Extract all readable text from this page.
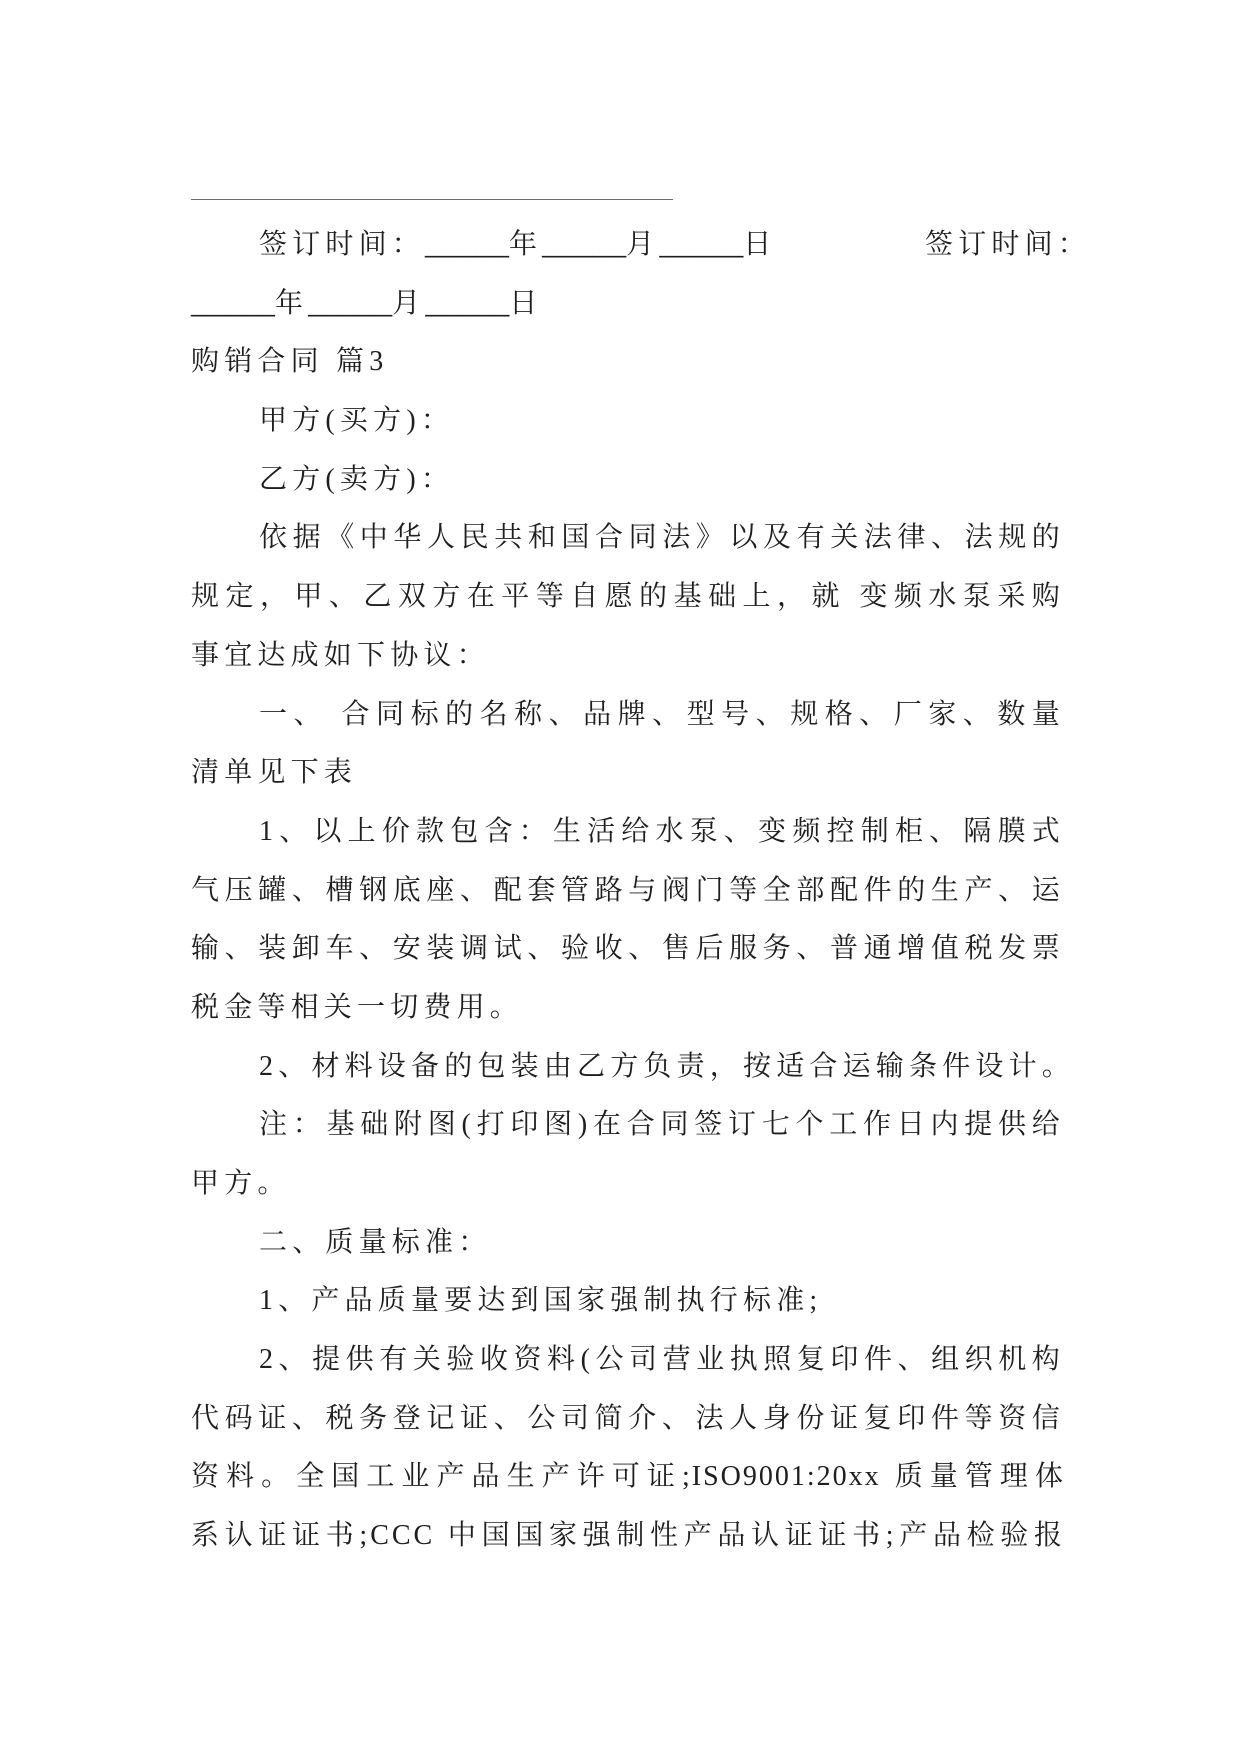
签订时间：_____年_____月_____日	签订时间：
_____年_____月_____日
购销合同 篇3
甲方(买方)：
乙方(卖方)：
依据《中华人民共和国合同法》以及有关法律、法规的
规定，甲、乙双方在平等自愿的基础上，就 变频水泵采购
事宜达成如下协议：
一、 合同标的名称、品牌、型号、规格、厂家、数量
清单见下表
1、以上价款包含：生活给水泵、变频控制柜、隔膜式
气压罐、槽钢底座、配套管路与阀门等全部配件的生产、运
输、装卸车、安装调试、验收、售后服务、普通增值税发票
税金等相关一切费用。
2、材料设备的包装由乙方负责，按适合运输条件设计。
注：基础附图(打印图)在合同签订七个工作日内提供给
甲方。
二、质量标准：
1、产品质量要达到国家强制执行标准;
2、提供有关验收资料(公司营业执照复印件、组织机构
代码证、税务登记证、公司简介、法人身份证复印件等资信
资料。全国工业产品生产许可证;ISO9001:20xx 质量管理体
系认证证书;CCC 中国国家强制性产品认证证书;产品检验报
